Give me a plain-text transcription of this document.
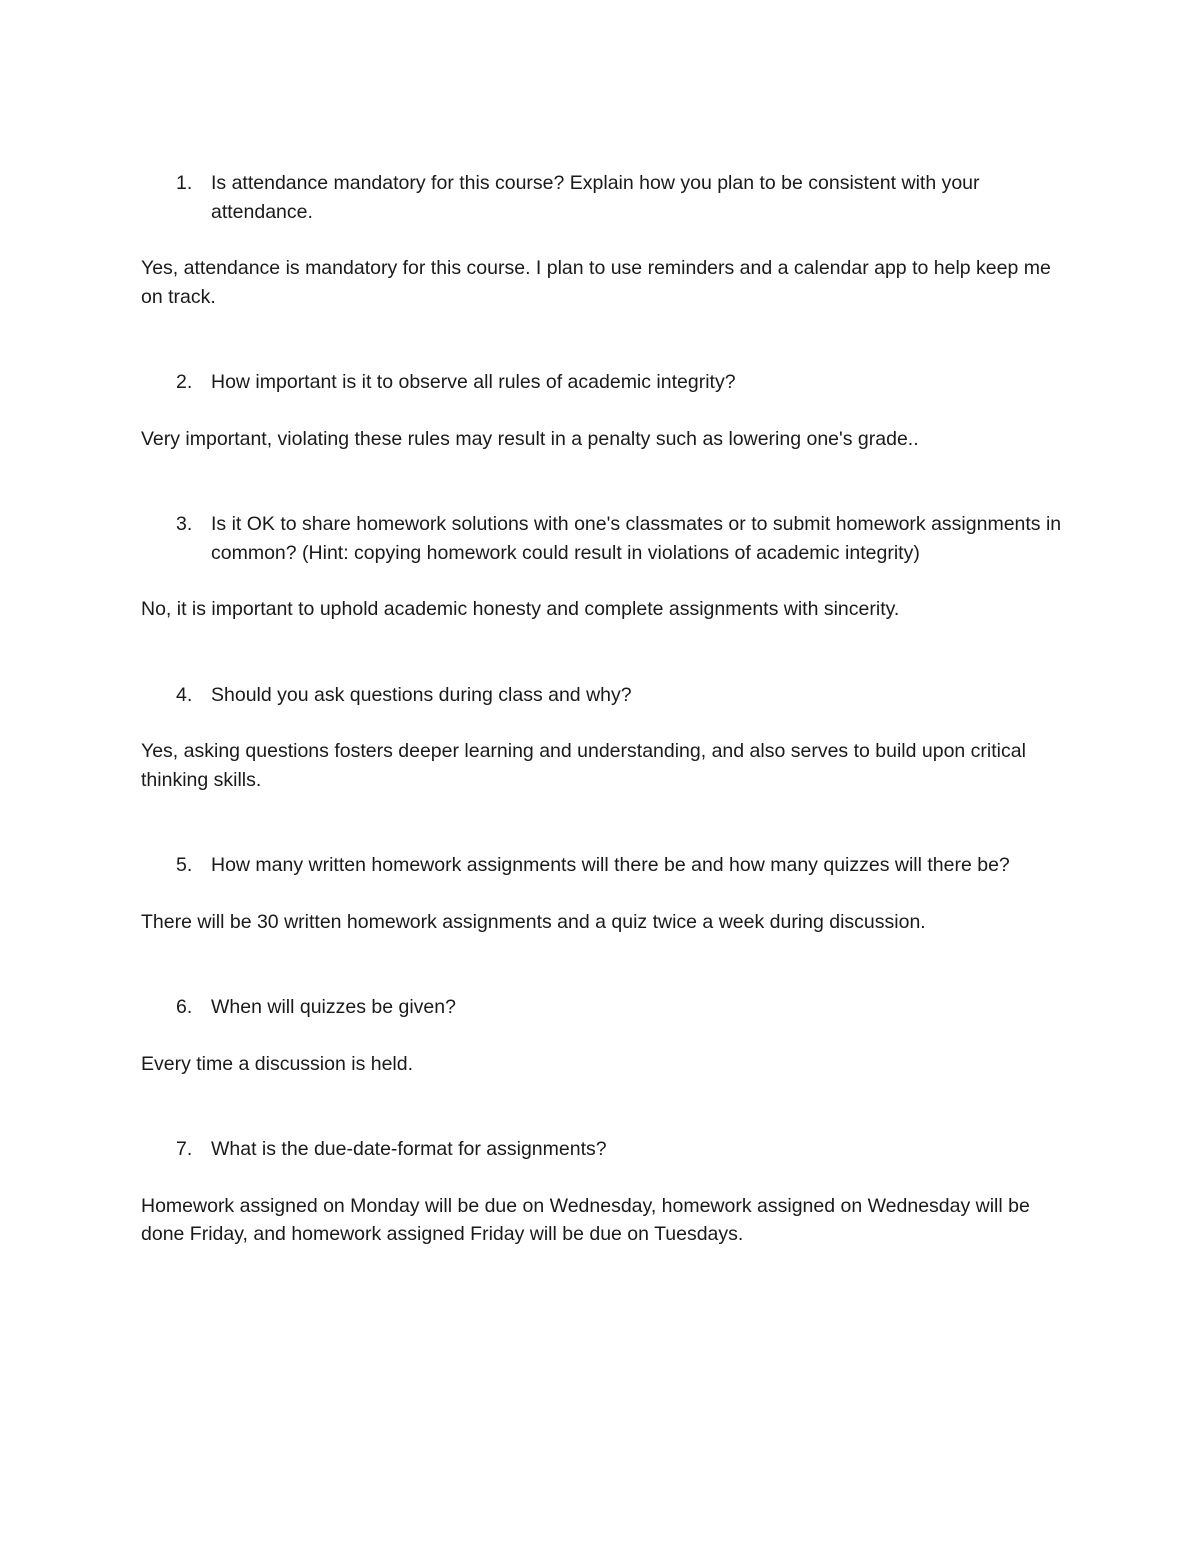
1. Is attendance mandatory for this course? Explain how you plan to be consistent with your attendance.

Yes, attendance is mandatory for this course. I plan to use reminders and a calendar app to help keep me on track.

2. How important is it to observe all rules of academic integrity?

Very important, violating these rules may result in a penalty such as lowering one's grade..

3. Is it OK to share homework solutions with one's classmates or to submit homework assignments in common? (Hint: copying homework could result in violations of academic integrity)

No, it is important to uphold academic honesty and complete assignments with sincerity.

4. Should you ask questions during class and why?

Yes, asking questions fosters deeper learning and understanding, and also serves to build upon critical thinking skills.

5. How many written homework assignments will there be and how many quizzes will there be?

There will be 30 written homework assignments and a quiz twice a week during discussion.

6. When will quizzes be given?

Every time a discussion is held.

7. What is the due-date-format for assignments?

Homework assigned on Monday will be due on Wednesday, homework assigned on Wednesday will be done Friday, and homework assigned Friday will be due on Tuesdays.
